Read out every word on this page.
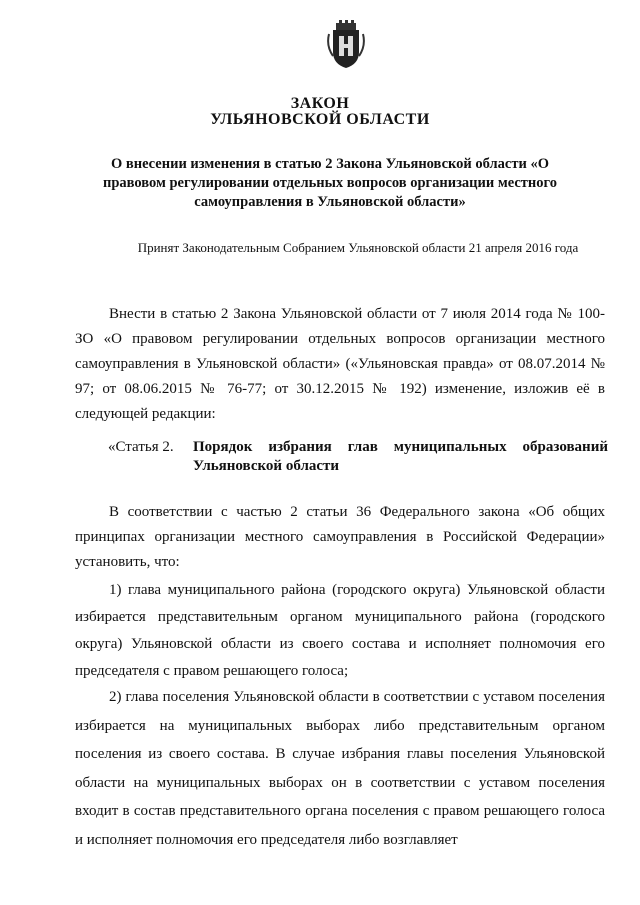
ЗАКОН
УЛЬЯНОВСКОЙ ОБЛАСТИ
О внесении изменения в статью 2 Закона Ульяновской области «О правовом регулировании отдельных вопросов организации местного самоуправления в Ульяновской области»
Принят Законодательным Собранием Ульяновской области 21 апреля 2016 года
Внести в статью 2 Закона Ульяновской области от 7 июля 2014 года № 100-ЗО «О правовом регулировании отдельных вопросов организации местного самоуправления в Ульяновской области» («Ульяновская правда» от 08.07.2014 № 97; от 08.06.2015 № 76-77; от 30.12.2015 № 192) изменение, изложив её в следующей редакции:
«Статья 2. Порядок избрания глав муниципальных образований Ульяновской области
В соответствии с частью 2 статьи 36 Федерального закона «Об общих принципах организации местного самоуправления в Российской Федерации» установить, что:
1) глава муниципального района (городского округа) Ульяновской области избирается представительным органом муниципального района (городского округа) Ульяновской области из своего состава и исполняет полномочия его председателя с правом решающего голоса;
2) глава поселения Ульяновской области в соответствии с уставом поселения избирается на муниципальных выборах либо представительным органом поселения из своего состава. В случае избрания главы поселения Ульяновской области на муниципальных выборах он в соответствии с уставом поселения входит в состав представительного органа поселения с правом решающего голоса и исполняет полномочия его председателя либо возглавляет
